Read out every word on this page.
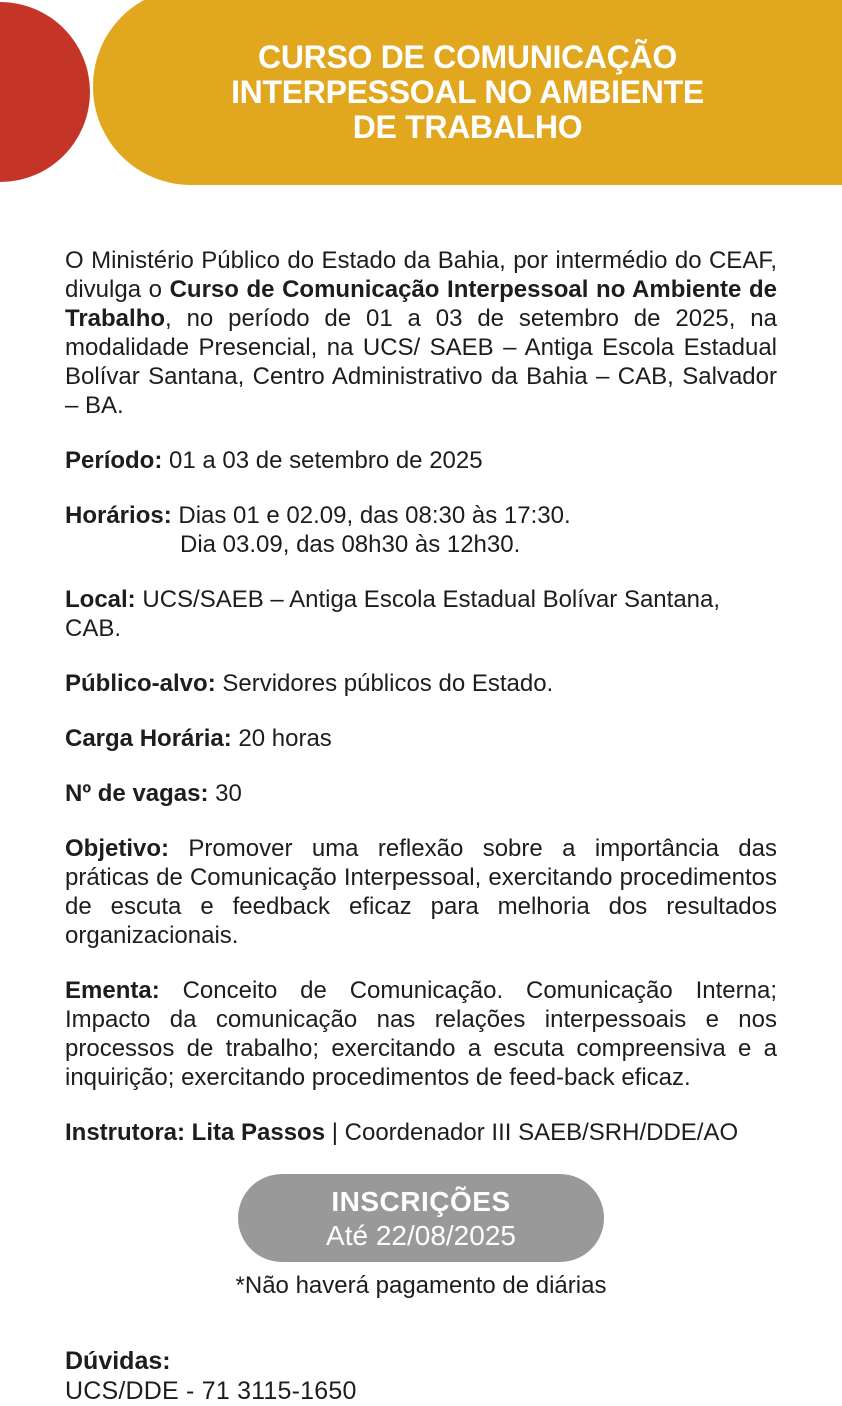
CURSO DE COMUNICAÇÃO
INTERPESSOAL NO AMBIENTE
DE TRABALHO

O Ministério Público do Estado da Bahia, por intermédio do CEAF, divulga o Curso de Comunicação Interpessoal no Ambiente de Trabalho, no período de 01 a 03 de setembro de 2025, na modalidade Presencial, na UCS/ SAEB – Antiga Escola Estadual Bolívar Santana, Centro Administrativo da Bahia – CAB, Salvador – BA.

Período: 01 a 03 de setembro de 2025

Horários: Dias 01 e 02.09, das 08:30 às 17:30.

Dia 03.09, das 08h30 às 12h30.

Local: UCS/SAEB – Antiga Escola Estadual Bolívar Santana, CAB.

Público-alvo: Servidores públicos do Estado.

Carga Horária: 20 horas

Nº de vagas: 30

Objetivo: Promover uma reflexão sobre a importância das práticas de Comunicação Interpessoal, exercitando procedimentos de escuta e feedback eficaz para melhoria dos resultados organizacionais.

Ementa: Conceito de Comunicação. Comunicação Interna; Impacto da comunicação nas relações interpessoais e nos processos de trabalho; exercitando a escuta compreensiva e a inquirição; exercitando procedimentos de feed-back eficaz.

Instrutora: Lita Passos | Coordenador III SAEB/SRH/DDE/AO

INSCRIÇÕES
Até 22/08/2025

*Não haverá pagamento de diárias

Dúvidas:

UCS/DDE - 71 3115-1650
